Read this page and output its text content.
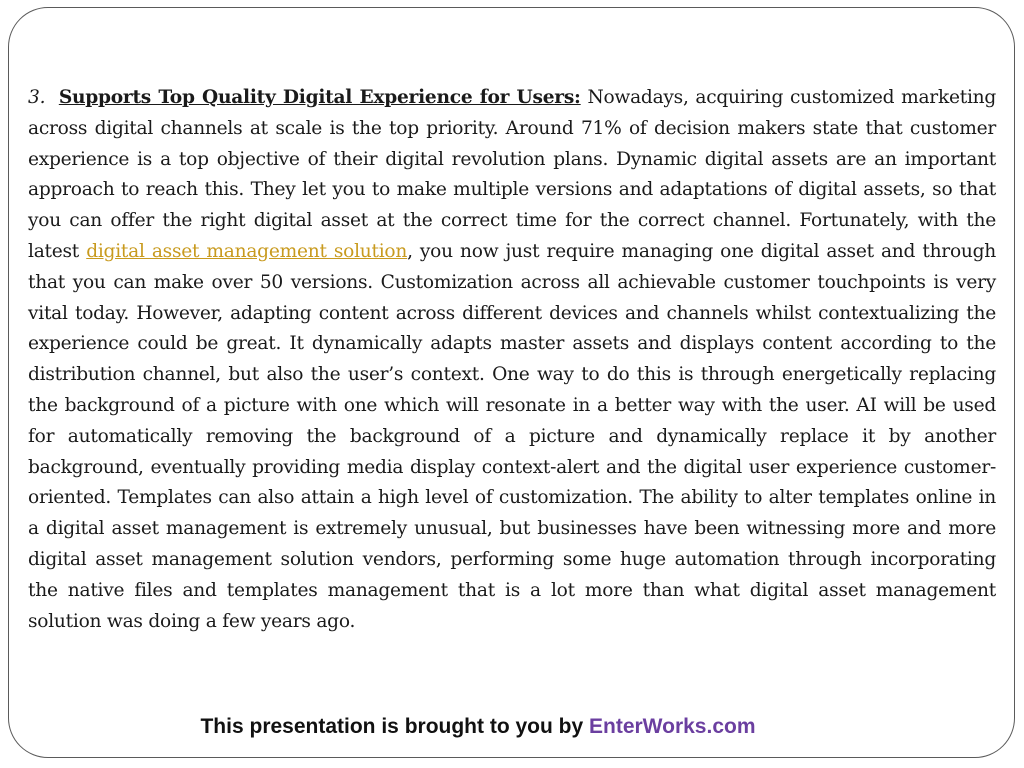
3. Supports Top Quality Digital Experience for Users: Nowadays, acquiring customized marketing across digital channels at scale is the top priority. Around 71% of decision makers state that customer experience is a top objective of their digital revolution plans. Dynamic digital assets are an important approach to reach this. They let you to make multiple versions and adaptations of digital assets, so that you can offer the right digital asset at the correct time for the correct channel. Fortunately, with the latest digital asset management solution, you now just require managing one digital asset and through that you can make over 50 versions. Customization across all achievable customer touchpoints is very vital today. However, adapting content across different devices and channels whilst contextualizing the experience could be great. It dynamically adapts master assets and displays content according to the distribution channel, but also the user’s context. One way to do this is through energetically replacing the background of a picture with one which will resonate in a better way with the user. AI will be used for automatically removing the background of a picture and dynamically replace it by another background, eventually providing media display context-alert and the digital user experience customer-oriented. Templates can also attain a high level of customization. The ability to alter templates online in a digital asset management is extremely unusual, but businesses have been witnessing more and more digital asset management solution vendors, performing some huge automation through incorporating the native files and templates management that is a lot more than what digital asset management solution was doing a few years ago.

This presentation is brought to you by EnterWorks.com
